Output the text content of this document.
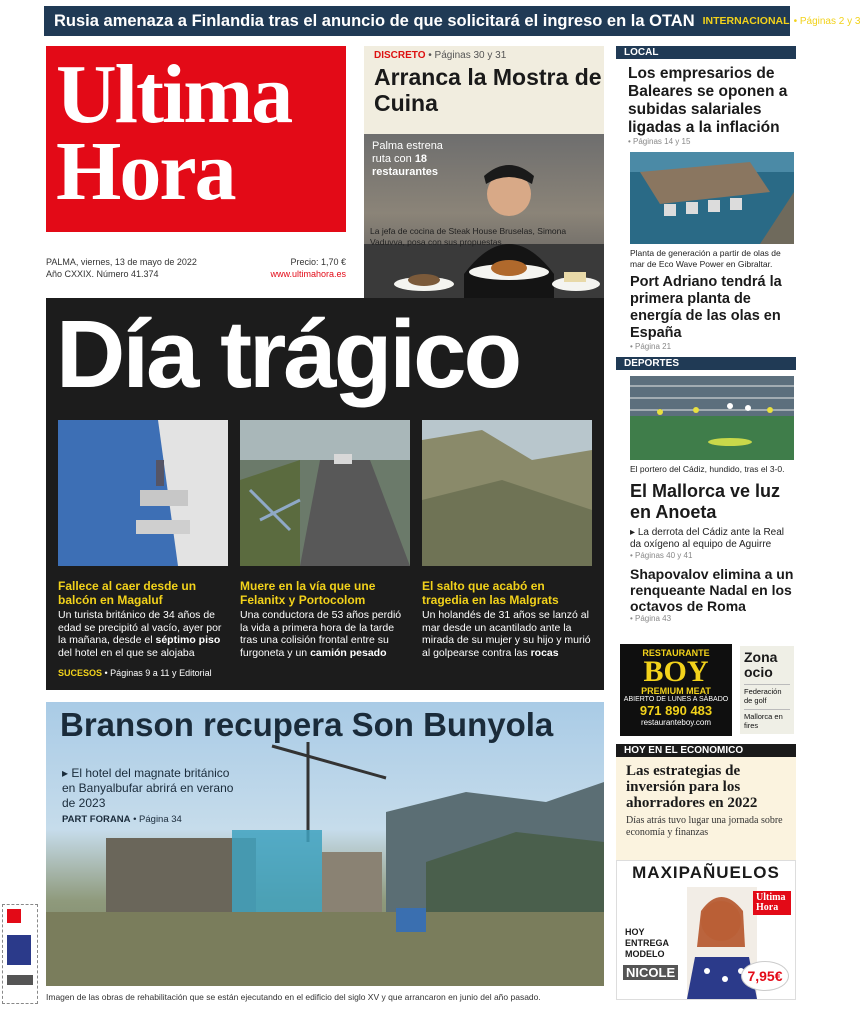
Rusia amenaza a Finlandia tras el anuncio de que solicitará el ingreso en la OTAN INTERNACIONAL • Páginas 2 y 3
Ultima
Hora
PALMA, viernes, 13 de mayo de 2022	Precio: 1,70 €
Año CXXIX. Número 41.374	www.ultimahora.es
DISCRETO • Páginas 30 y 31
Arranca la Mostra de Cuina
Palma estrena ruta con 18 restaurantes
La jefa de cocina de Steak House Bruselas, Simona Vaduvva, posa con sus propuestas.
LOCAL
Los empresarios de Baleares se oponen a subidas salariales ligadas a la inflación
• Páginas 14 y 15
Planta de generación a partir de olas de mar de Eco Wave Power en Gibraltar.
Port Adriano tendrá la primera planta de energía de las olas en España
• Página 21
DEPORTES
El portero del Cádiz, hundido, tras el 3-0.
El Mallorca ve luz en Anoeta
▸ La derrota del Cádiz ante la Real da oxígeno al equipo de Aguirre
• Páginas 40 y 41
Shapovalov elimina a un renqueante Nadal en los octavos de Roma
• Página 43
Día trágico
Fallece al caer desde un balcón en Magaluf
Un turista británico de 34 años de edad se precipitó al vacío, ayer por la mañana, desde el séptimo piso del hotel en el que se alojaba
Muere en la vía que une Felanitx y Portocolom
Una conductora de 53 años perdió la vida a primera hora de la tarde tras una colisión frontal entre su furgoneta y un camión pesado
El salto que acabó en tragedia en las Malgrats
Un holandés de 31 años se lanzó al mar desde un acantilado ante la mirada de su mujer y su hijo y murió al golpearse contra las rocas
SUCESOS • Páginas 9 a 11 y Editorial
Branson recupera Son Bunyola
▸ El hotel del magnate británico en Banyalbufar abrirá en verano de 2023
PART FORANA • Página 34
Imagen de las obras de rehabilitación que se están ejecutando en el edificio del siglo XV y que arrancaron en junio del año pasado.
RESTAURANTE
BOY
PREMIUM MEAT
ABIERTO DE LUNES A SÁBADO
971 890 483
restauranteboy.com
Zona ocio
Federación de golf
Mallorca en fires
HOY EN EL ECONOMICO
Las estrategias de inversión para los ahorradores en 2022
Días atrás tuvo lugar una jornada sobre economía y finanzas
MAXIPAÑUELOS
Ultima Hora
HOY ENTREGA MODELO
NICOLE	7,95€
